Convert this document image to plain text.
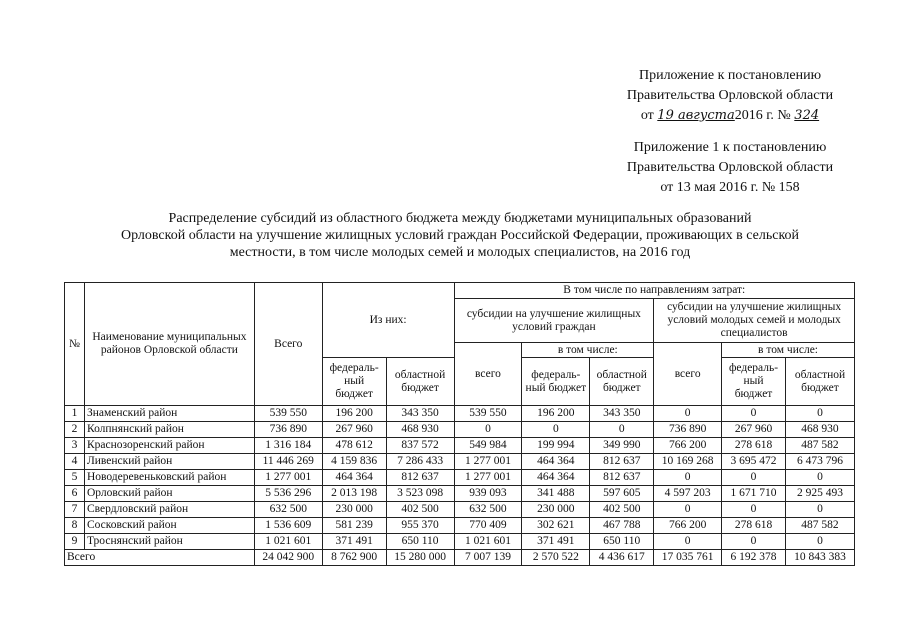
Приложение к постановлению
Правительства Орловской области
от 19 августа2016 г. № 324
Приложение 1 к постановлению
Правительства Орловской области
от 13 мая 2016 г. № 158
Распределение субсидий из областного бюджета между бюджетами муниципальных образований
Орловской области на улучшение жилищных условий граждан Российской Федерации, проживающих в сельской
местности, в том числе молодых семей и молодых специалистов, на 2016 год
№	Наименование муниципальных районов Орловской области	Всего	Из них:		В том числе по направлениям затрат:					
					субсидии на улучшение жилищных условий граждан			субсидии на улучшение жилищных условий молодых семей и молодых специалистов		
					всего	в том числе:		всего	в том числе:	
			федераль-ный бюджет	областной бюджет		федераль-ный бюджет	областной бюджет		федераль-ный бюджет	областной бюджет
1	Знаменский район	539 550	196 200	343 350	539 550	196 200	343 350	0	0	0
2	Колпнянский район	736 890	267 960	468 930	0	0	0	736 890	267 960	468 930
3	Краснозоренский район	1 316 184	478 612	837 572	549 984	199 994	349 990	766 200	278 618	487 582
4	Ливенский район	11 446 269	4 159 836	7 286 433	1 277 001	464 364	812 637	10 169 268	3 695 472	6 473 796
5	Новодеревеньковский район	1 277 001	464 364	812 637	1 277 001	464 364	812 637	0	0	0
6	Орловский район	5 536 296	2 013 198	3 523 098	939 093	341 488	597 605	4 597 203	1 671 710	2 925 493
7	Свердловский район	632 500	230 000	402 500	632 500	230 000	402 500	0	0	0
8	Сосковский район	1 536 609	581 239	955 370	770 409	302 621	467 788	766 200	278 618	487 582
9	Троснянский район	1 021 601	371 491	650 110	1 021 601	371 491	650 110	0	0	0
Всего		24 042 900	8 762 900	15 280 000	7 007 139	2 570 522	4 436 617	17 035 761	6 192 378	10 843 383
